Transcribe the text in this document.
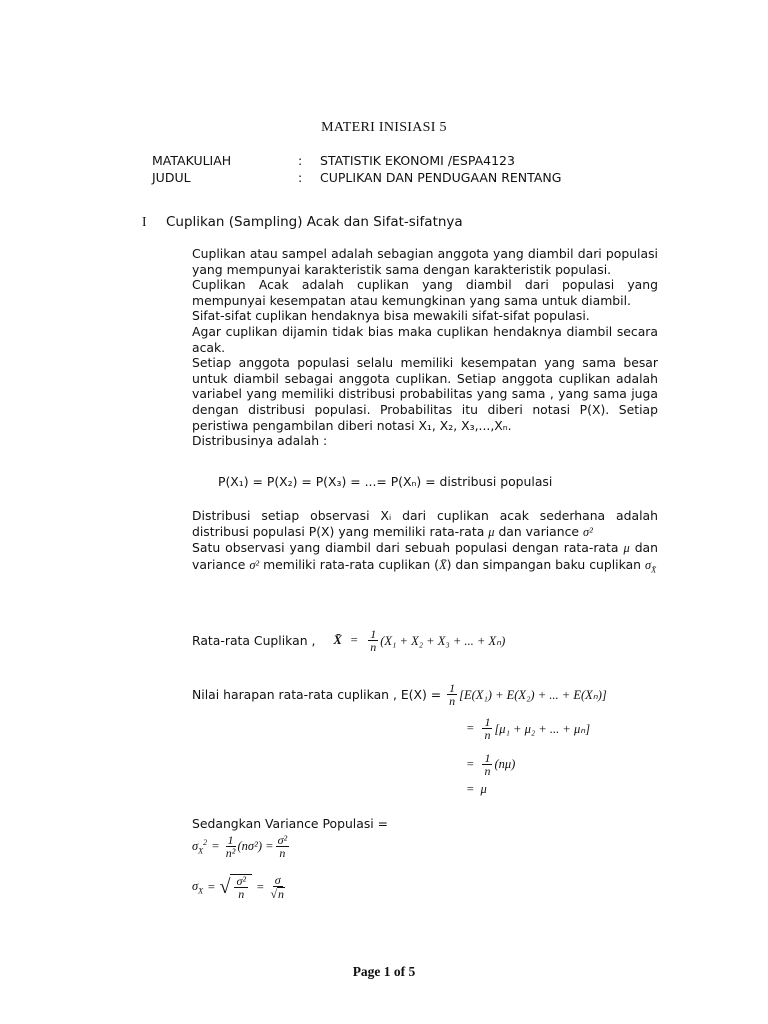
MATERI INISIASI 5
MATAKULIAH	:	STATISTIK EKONOMI /ESPA4123
JUDUL	:	CUPLIKAN DAN PENDUGAAN RENTANG
I	Cuplikan (Sampling) Acak dan Sifat-sifatnya

Cuplikan atau sampel adalah sebagian anggota yang diambil dari populasi yang mempunyai karakteristik sama dengan karakteristik populasi.

Cuplikan Acak adalah cuplikan yang diambil dari populasi yang mempunyai kesempatan atau kemungkinan yang sama untuk diambil.

Sifat-sifat cuplikan hendaknya bisa mewakili sifat-sifat populasi.

Agar cuplikan dijamin tidak bias maka cuplikan hendaknya diambil secara acak.

Setiap anggota populasi selalu memiliki kesempatan yang sama besar untuk diambil sebagai anggota cuplikan. Setiap anggota cuplikan adalah variabel yang memiliki distribusi probabilitas yang sama , yang sama juga dengan distribusi populasi. Probabilitas itu diberi notasi P(X). Setiap peristiwa pengambilan diberi notasi X₁, X₂, X₃,...,Xₙ.

Distribusinya adalah :

P(X₁) = P(X₂) = P(X₃) = ...= P(Xₙ) = distribusi populasi

Distribusi setiap observasi Xᵢ dari cuplikan acak sederhana adalah distribusi populasi P(X) yang memiliki rata-rata μ dan variance σ²

Satu observasi yang diambil dari sebuah populasi dengan rata-rata μ dan variance σ² memiliki rata-rata cuplikan (X̄) dan simpangan baku cuplikan $\sigma_{X̄}$

Rata-rata Cuplikan , X̄ = $\frac{1}{n} (X_1 + X_2 + X_3$ + ... + Xₙ)
Nilai harapan rata-rata cuplikan , $E(X) = \frac{1}{n} [E(X_1) + E(X_2)$ + ... + E(Xₙ)]
= $\frac{1}{n} [\mu_1 + \mu_2$ + ... + μₙ]
= $\frac{1}{n} (n\mu)$
= μ
Sedangkan Variance Populasi =
$\sigma_X^2 = \frac{1}{\text{n²}} (n\sigma^2) = \frac{\text{σ²}}{n}$
$\sigma_X$ = √ $\frac{\text{σ²}}{n} = \frac{\sigma}{√ n}$
Page 1 of 5
